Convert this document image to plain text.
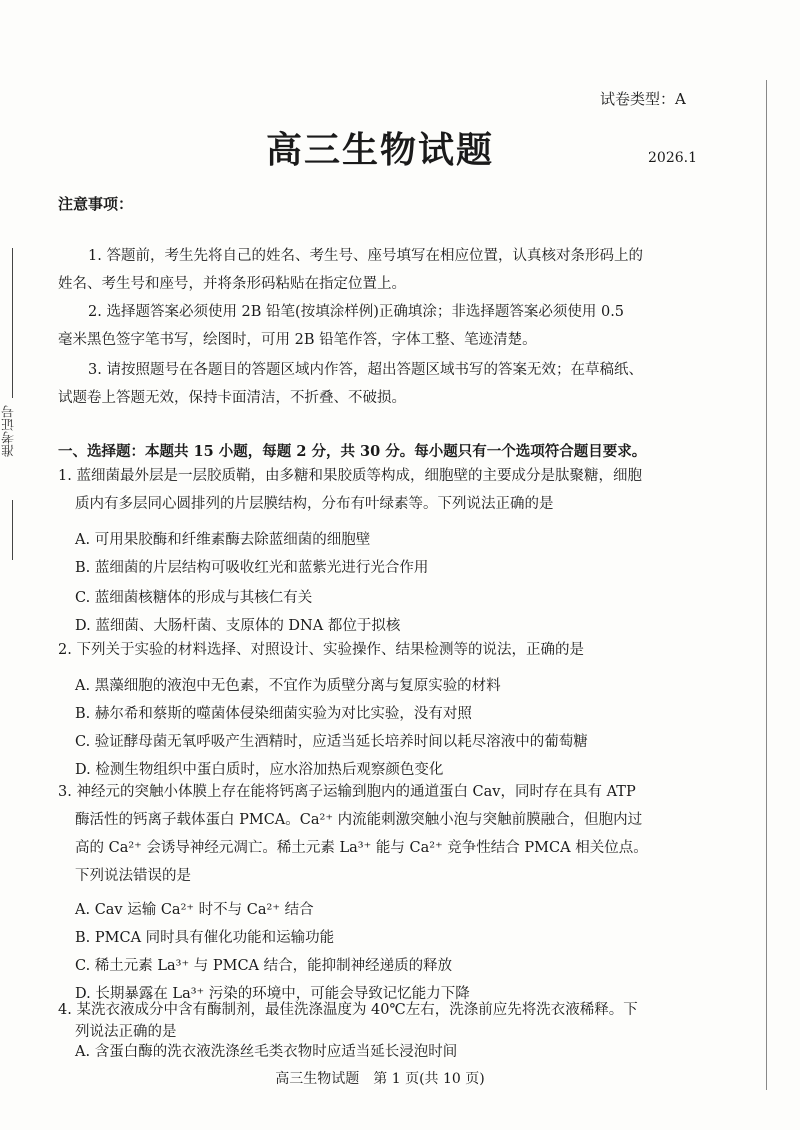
准考证号
试卷类型：A
高三生物试题	2026.1
注意事项：
1. 答题前，考生先将自己的姓名、考生号、座号填写在相应位置，认真核对条形码上的
姓名、考生号和座号，并将条形码粘贴在指定位置上。
2. 选择题答案必须使用 2B 铅笔(按填涂样例)正确填涂；非选择题答案必须使用 0.5
毫米黑色签字笔书写，绘图时，可用 2B 铅笔作答，字体工整、笔迹清楚。
3. 请按照题号在各题目的答题区域内作答，超出答题区域书写的答案无效；在草稿纸、
试题卷上答题无效，保持卡面清洁，不折叠、不破损。
一、选择题：本题共 15 小题，每题 2 分，共 30 分。每小题只有一个选项符合题目要求。
1. 蓝细菌最外层是一层胶质鞘，由多糖和果胶质等构成，细胞壁的主要成分是肽聚糖，细胞
质内有多层同心圆排列的片层膜结构，分布有叶绿素等。下列说法正确的是
A. 可用果胶酶和纤维素酶去除蓝细菌的细胞壁
B. 蓝细菌的片层结构可吸收红光和蓝紫光进行光合作用
C. 蓝细菌核糖体的形成与其核仁有关
D. 蓝细菌、大肠杆菌、支原体的 DNA 都位于拟核
2. 下列关于实验的材料选择、对照设计、实验操作、结果检测等的说法，正确的是
A. 黑藻细胞的液泡中无色素，不宜作为质壁分离与复原实验的材料
B. 赫尔希和蔡斯的噬菌体侵染细菌实验为对比实验，没有对照
C. 验证酵母菌无氧呼吸产生酒精时，应适当延长培养时间以耗尽溶液中的葡萄糖
D. 检测生物组织中蛋白质时，应水浴加热后观察颜色变化
3. 神经元的突触小体膜上存在能将钙离子运输到胞内的通道蛋白 Cav，同时存在具有 ATP
酶活性的钙离子载体蛋白 PMCA。Ca²⁺ 内流能刺激突触小泡与突触前膜融合，但胞内过
高的 Ca²⁺ 会诱导神经元凋亡。稀土元素 La³⁺ 能与 Ca²⁺ 竞争性结合 PMCA 相关位点。
下列说法错误的是
A. Cav 运输 Ca²⁺ 时不与 Ca²⁺ 结合
B. PMCA 同时具有催化功能和运输功能
C. 稀土元素 La³⁺ 与 PMCA 结合，能抑制神经递质的释放
D. 长期暴露在 La³⁺ 污染的环境中，可能会导致记忆能力下降
4. 某洗衣液成分中含有酶制剂，最佳洗涤温度为 40℃左右，洗涤前应先将洗衣液稀释。下
列说法正确的是
A. 含蛋白酶的洗衣液洗涤丝毛类衣物时应适当延长浸泡时间
高三生物试题　第 1 页(共 10 页)
